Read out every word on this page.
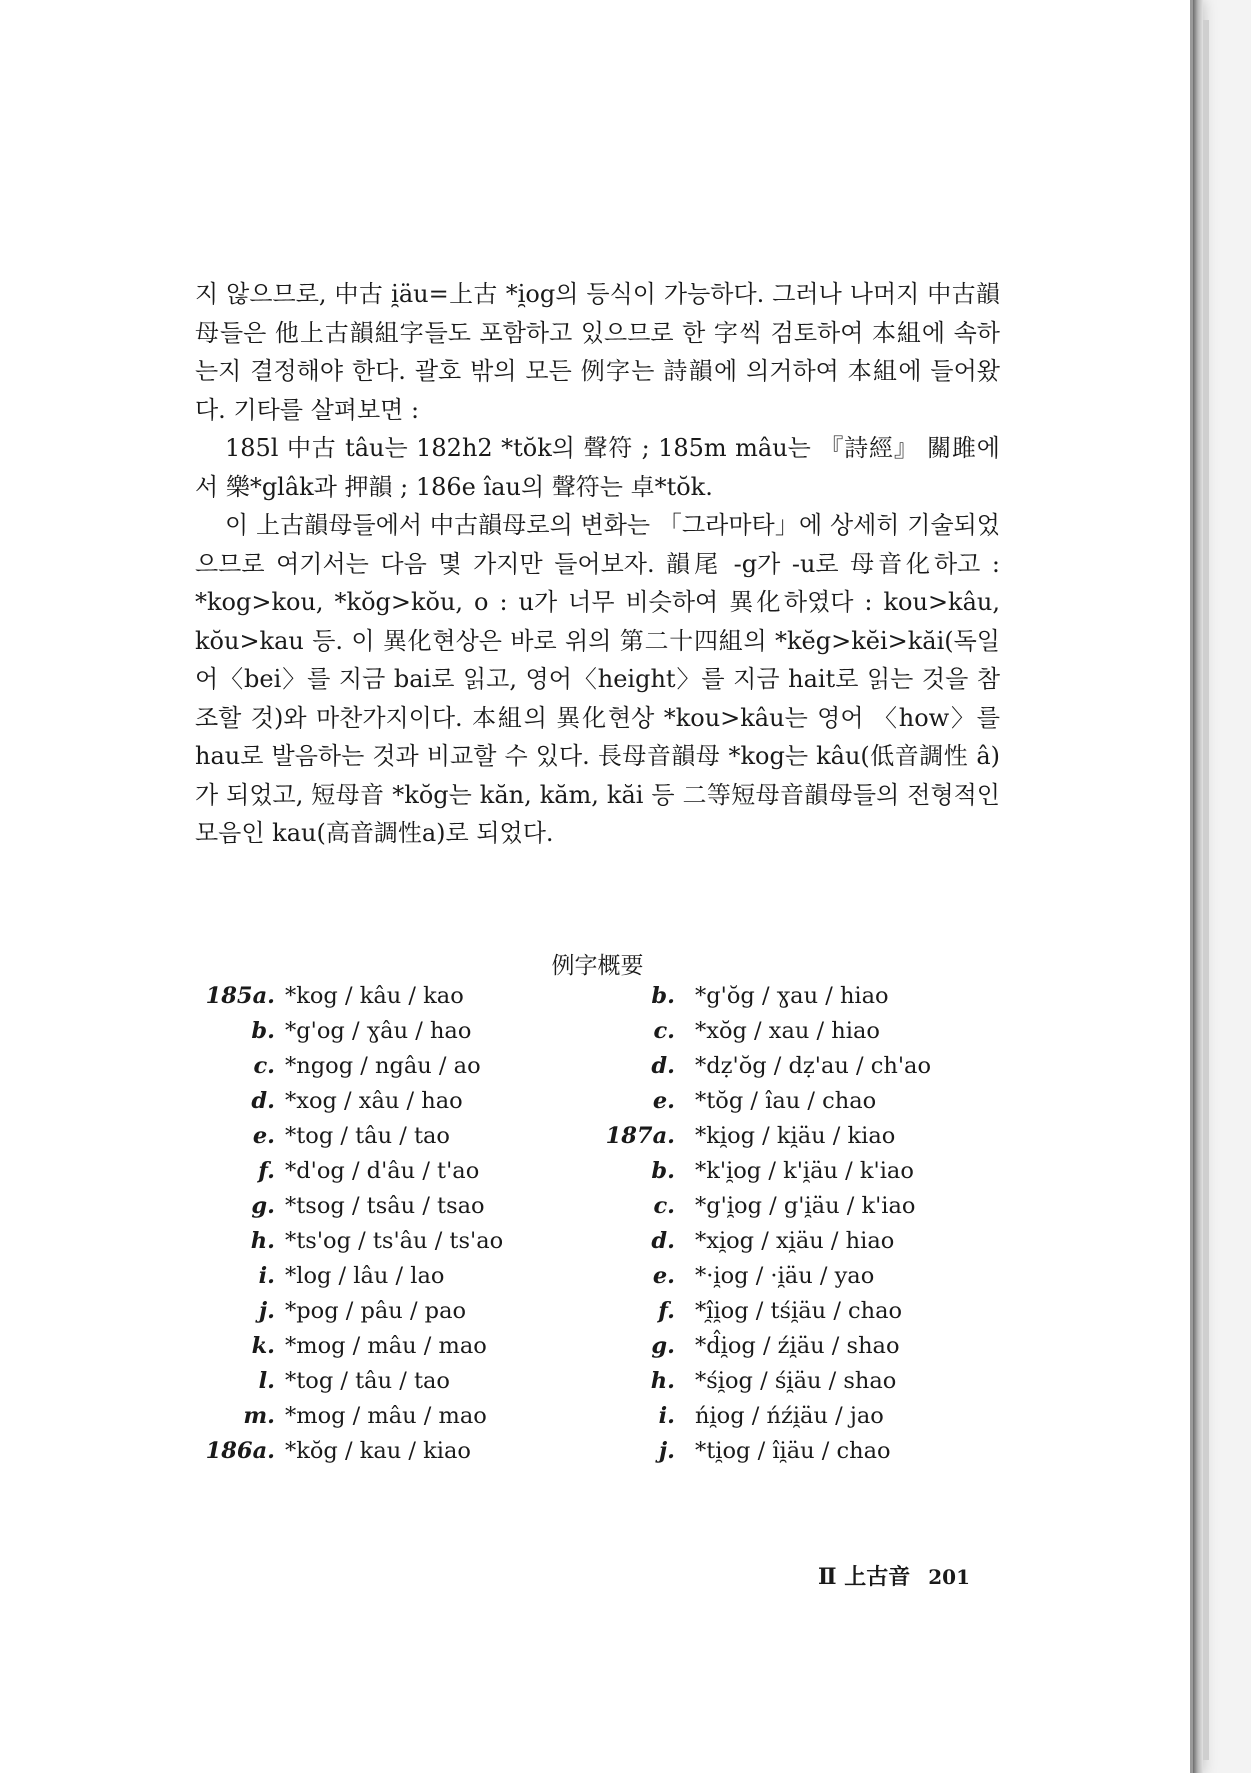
지 않으므로, 中古 i̯äu=上古 *i̯og의 등식이 가능하다. 그러나 나머지 中古韻母들은 他上古韻組字들도 포함하고 있으므로 한 字씩 검토하여 本組에 속하는지 결정해야 한다. 괄호 밖의 모든 例字는 詩韻에 의거하여 本組에 들어왔다. 기타를 살펴보면 :

185l 中古 tâu는 182h2 *tŏk의 聲符 ; 185m mâu는 『詩經』 關雎에서 樂*glâk과 押韻 ; 186e îau의 聲符는 卓*tŏk.

이 上古韻母들에서 中古韻母로의 변화는 「그라마타」에 상세히 기술되었으므로 여기서는 다음 몇 가지만 들어보자. 韻尾 -g가 -u로 母音化하고 : *kog>kou, *kŏg>kŏu, o : u가 너무 비슷하여 異化하였다 : kou>kâu, kŏu>kau 등. 이 異化현상은 바로 위의 第二十四組의 *kĕg>kĕi>kăi(독일어〈bei〉를 지금 bai로 읽고, 영어〈height〉를 지금 hait로 읽는 것을 참조할 것)와 마찬가지이다. 本組의 異化현상 *kou>kâu는 영어 〈how〉를 hau로 발음하는 것과 비교할 수 있다. 長母音韻母 *kog는 kâu(低音調性 â)가 되었고, 短母音 *kŏg는 kăn, kăm, kăi 등 二等短母音韻母들의 전형적인 모음인 kau(高音調性a)로 되었다.

例字概要
185a. *kog / kâu / kao	b. *g'ŏg / ɣau / hiao
b. *g'og / ɣâu / hao	c. *xŏg / xau / hiao
c. *ngog / ngâu / ao	d. *dẓ'ŏg / dẓ'au / ch'ao
d. *xog / xâu / hao	e. *tŏg / îau / chao
e. *tog / tâu / tao	187a. *ki̯og / ki̯äu / kiao
f. *d'og / d'âu / t'ao	b. *k'i̯og / k'i̯äu / k'iao
g. *tsog / tsâu / tsao	c. *g'i̯og / g'i̯äu / k'iao
h. *ts'og / ts'âu / ts'ao	d. *xi̯og / xi̯äu / hiao
i. *log / lâu / lao	e. *·i̯og / ·i̯äu / yao
j. *pog / pâu / pao	f. *î̯i̯og / tśi̯äu / chao
k. *mog / mâu / mao	g. *d̂i̯og / źi̯äu / shao
l. *tog / tâu / tao	h. *śi̯og / śi̯äu / shao
m. *mog / mâu / mao	i. ńi̯og / ńźi̯äu / jao
186a. *kŏg / kau / kiao	j. *ti̯og / îi̯äu / chao
Ⅱ 上古音 201
